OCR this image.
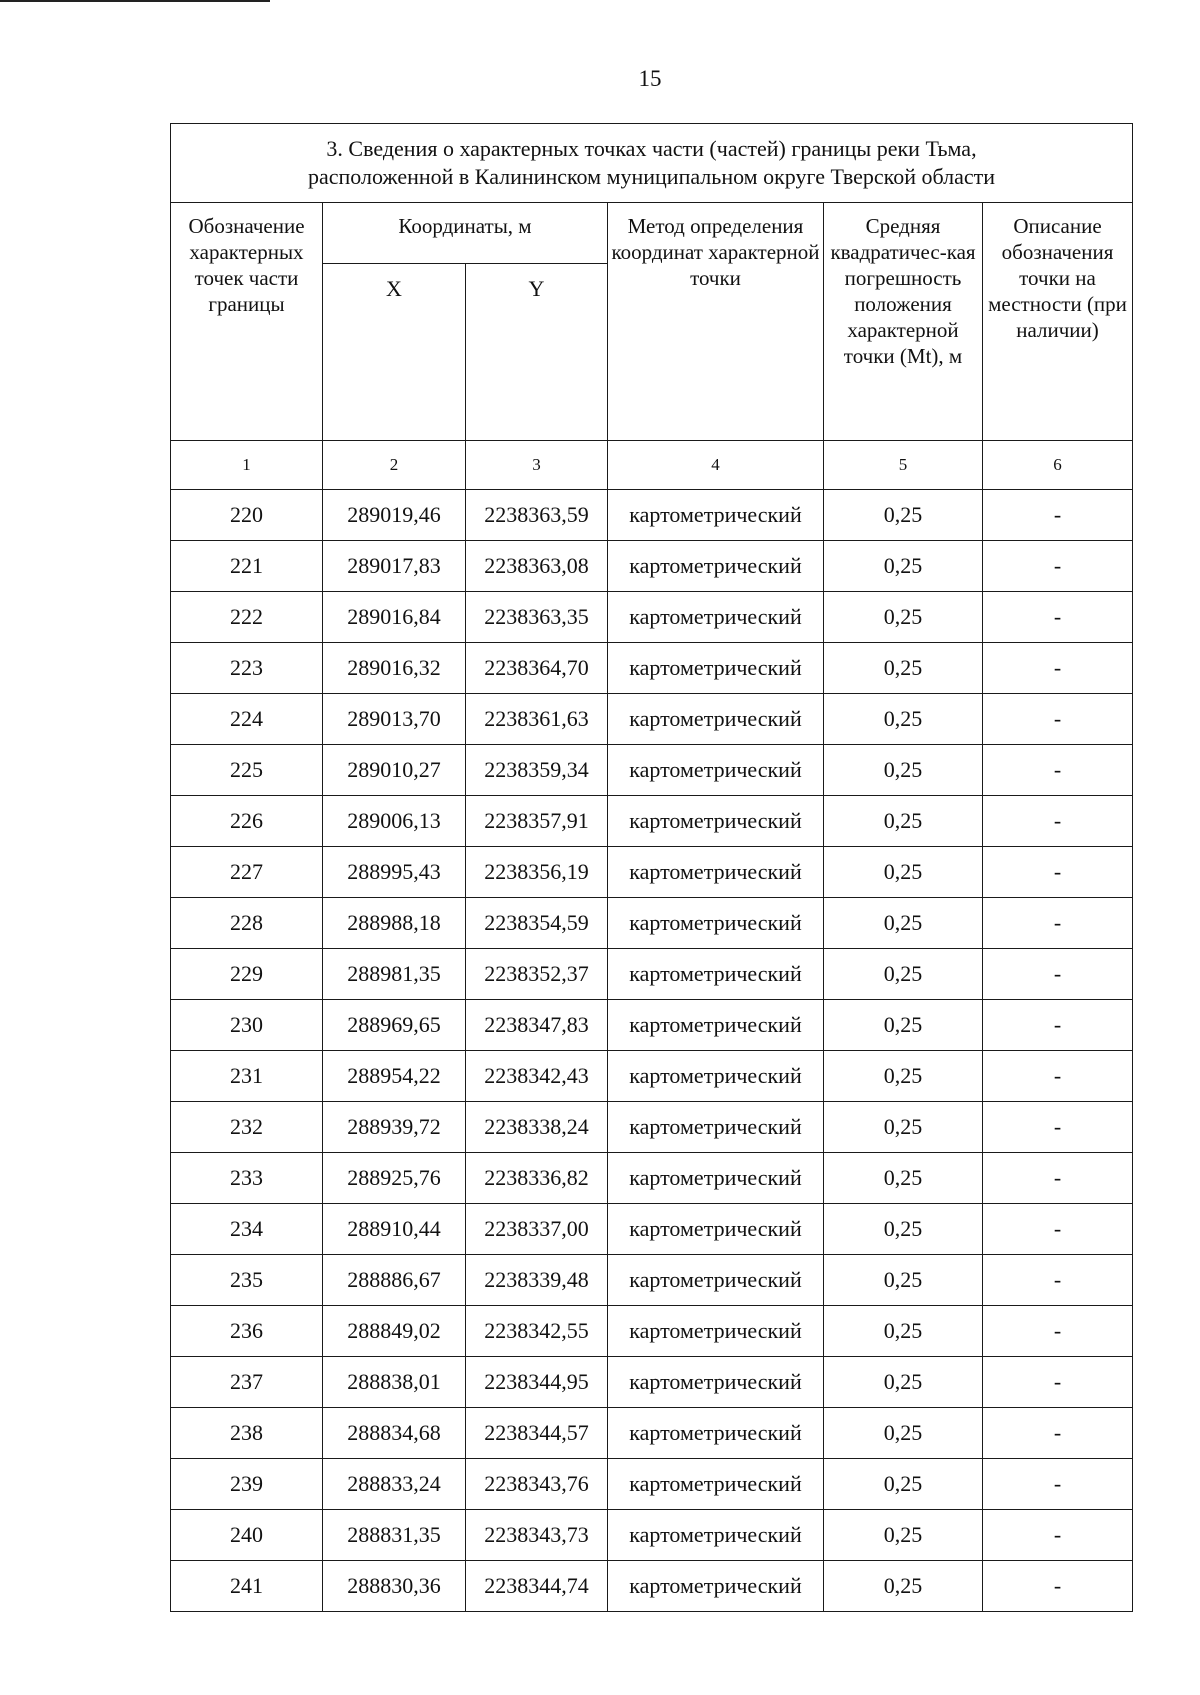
15
3. Сведения о характерных точках части (частей) границы реки Тьма,
расположенной в Калининском муниципальном округе Тверской области					

Обозначение характерных точек части границы	Координаты, м		Метод определения координат характерной точки	Средняя квадратичес-кая погрешность положения характерной точки (Mt), м	Описание обозначения точки на местности (при наличии)
	X	Y			
1	2	3	4	5	6
220	289019,46	2238363,59	картометрический	0,25	-
221	289017,83	2238363,08	картометрический	0,25	-
222	289016,84	2238363,35	картометрический	0,25	-
223	289016,32	2238364,70	картометрический	0,25	-
224	289013,70	2238361,63	картометрический	0,25	-
225	289010,27	2238359,34	картометрический	0,25	-
226	289006,13	2238357,91	картометрический	0,25	-
227	288995,43	2238356,19	картометрический	0,25	-
228	288988,18	2238354,59	картометрический	0,25	-
229	288981,35	2238352,37	картометрический	0,25	-
230	288969,65	2238347,83	картометрический	0,25	-
231	288954,22	2238342,43	картометрический	0,25	-
232	288939,72	2238338,24	картометрический	0,25	-
233	288925,76	2238336,82	картометрический	0,25	-
234	288910,44	2238337,00	картометрический	0,25	-
235	288886,67	2238339,48	картометрический	0,25	-
236	288849,02	2238342,55	картометрический	0,25	-
237	288838,01	2238344,95	картометрический	0,25	-
238	288834,68	2238344,57	картометрический	0,25	-
239	288833,24	2238343,76	картометрический	0,25	-
240	288831,35	2238343,73	картометрический	0,25	-
241	288830,36	2238344,74	картометрический	0,25	-
